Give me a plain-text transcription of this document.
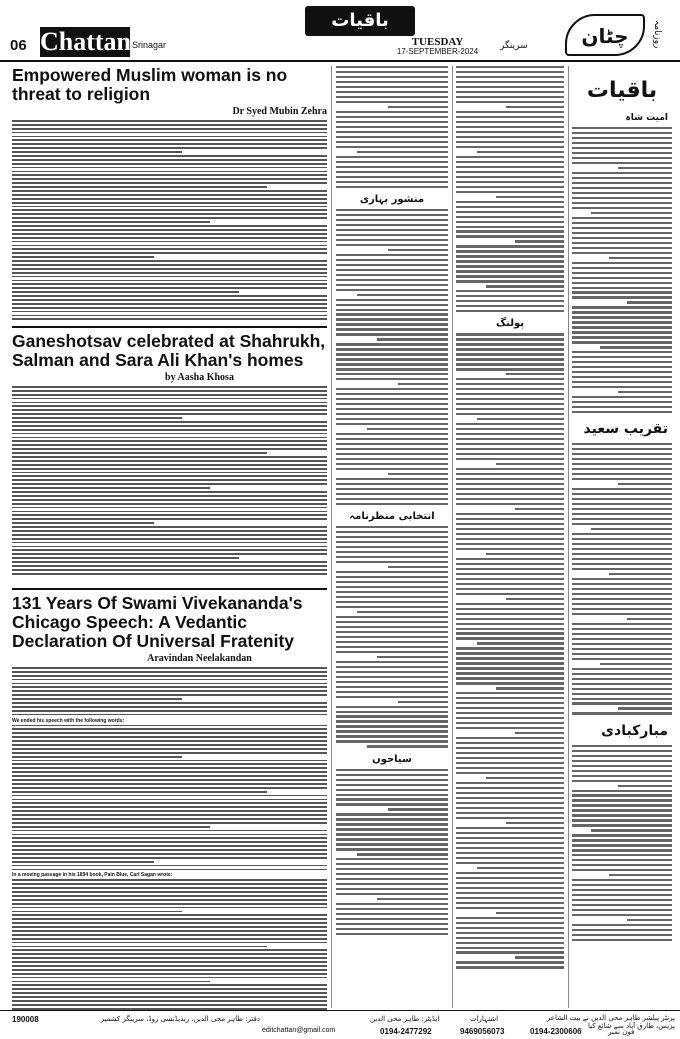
06 Chattan Srinagar
باقیات
TUESDAY
17-SEPTEMBER-2024
سرینگر	چٹان	روزنامہ
Empowered Muslim woman is no threat to religion
Dr Syed Mubin Zehra
Ganeshotsav celebrated at Shahrukh, Salman and Sara Ali Khan's homes
by Aasha Khosa
131 Years Of Swami Vivekananda's Chicago Speech: A Vedantic Declaration Of Universal Fratenity
Aravindan Neelakandan
We ended his speech with the following words:
In a moving passage in his 1894 book, Pain Blue, Carl Sagan wrote:
منشور بہاری
انتخابی منظرنامہ
سیاحوں
پولنگ
باقیات
امیت شاہ
تقریب سعید
مبارکبادی
پرنٹر پبلشر طاہر محی الدین نے بیت الشاعر پریس، طارق آباد سے شائع کیا
فون نمبر
0194-2300606
اشتہارات
9469056073
ایڈیٹر: طاہر محی الدین
0194-2477292
editchattan@gmail.com
دفتر: طاہر محی الدین، ریذیڈنسی روڈ، سرینگر کشمیر
190008
